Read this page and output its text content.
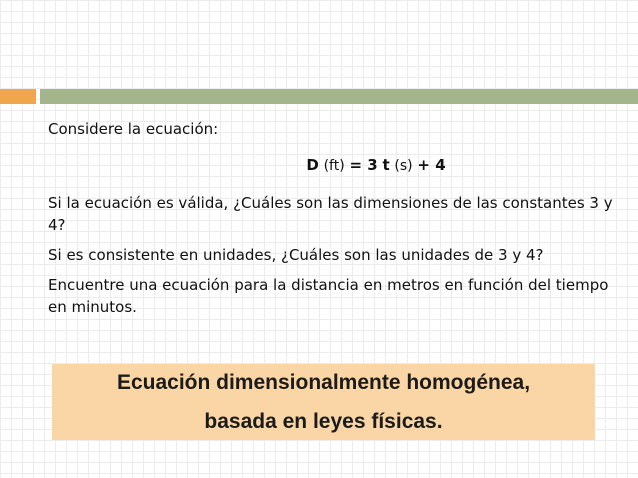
Considere la ecuación:

D (ft) = 3 t (s) + 4

Si la ecuación es válida, ¿Cuáles son las dimensiones de las constantes 3 y 4?

Si es consistente en unidades, ¿Cuáles son las unidades de 3 y 4?

Encuentre una ecuación para la distancia en metros en función del tiempo en minutos.

Ecuación dimensionalmente homogénea,
basada en leyes físicas.
